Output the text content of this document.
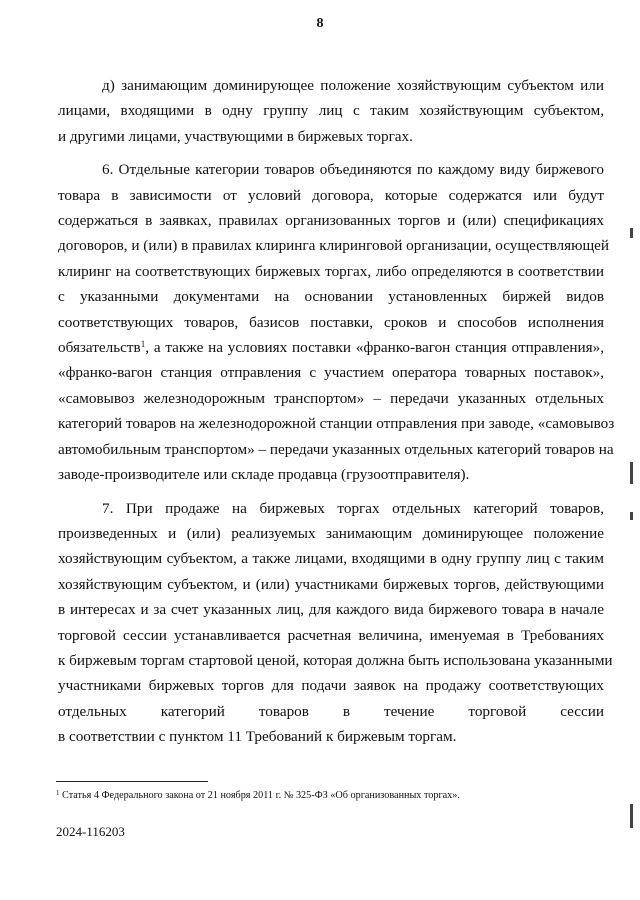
8
д) занимающим доминирующее положение хозяйствующим субъектом или
лицами, входящими в одну группу лиц с таким хозяйствующим субъектом,
и другими лицами, участвующими в биржевых торгах.
6. Отдельные категории товаров объединяются по каждому виду биржевого
товара в зависимости от условий договора, которые содержатся или будут
содержаться в заявках, правилах организованных торгов и (или) спецификациях
договоров, и (или) в правилах клиринга клиринговой организации, осуществляющей
клиринг на соответствующих биржевых торгах, либо определяются в соответствии
с указанными документами на основании установленных биржей видов
соответствующих товаров, базисов поставки, сроков и способов исполнения
обязательств$^1$, а также на условиях поставки «франко-вагон станция отправления»,
«франко-вагон станция отправления с участием оператора товарных поставок»,
«самовывоз железнодорожным транспортом» – передачи указанных отдельных
категорий товаров на железнодорожной станции отправления при заводе, «самовывоз
автомобильным транспортом» – передачи указанных отдельных категорий товаров на
заводе-производителе или складе продавца (грузоотправителя).
7. При продаже на биржевых торгах отдельных категорий товаров,
произведенных и (или) реализуемых занимающим доминирующее положение
хозяйствующим субъектом, а также лицами, входящими в одну группу лиц с таким
хозяйствующим субъектом, и (или) участниками биржевых торгов, действующими
в интересах и за счет указанных лиц, для каждого вида биржевого товара в начале
торговой сессии устанавливается расчетная величина, именуемая в Требованиях
к биржевым торгам стартовой ценой, которая должна быть использована указанными
участниками биржевых торгов для подачи заявок на продажу соответствующих
отдельных категорий товаров в течение торговой сессии
в соответствии с пунктом 11 Требований к биржевым торгам.
$^1$ Статья 4 Федерального закона от 21 ноября 2011 г. № 325-ФЗ «Об организованных торгах».
2024-116203
